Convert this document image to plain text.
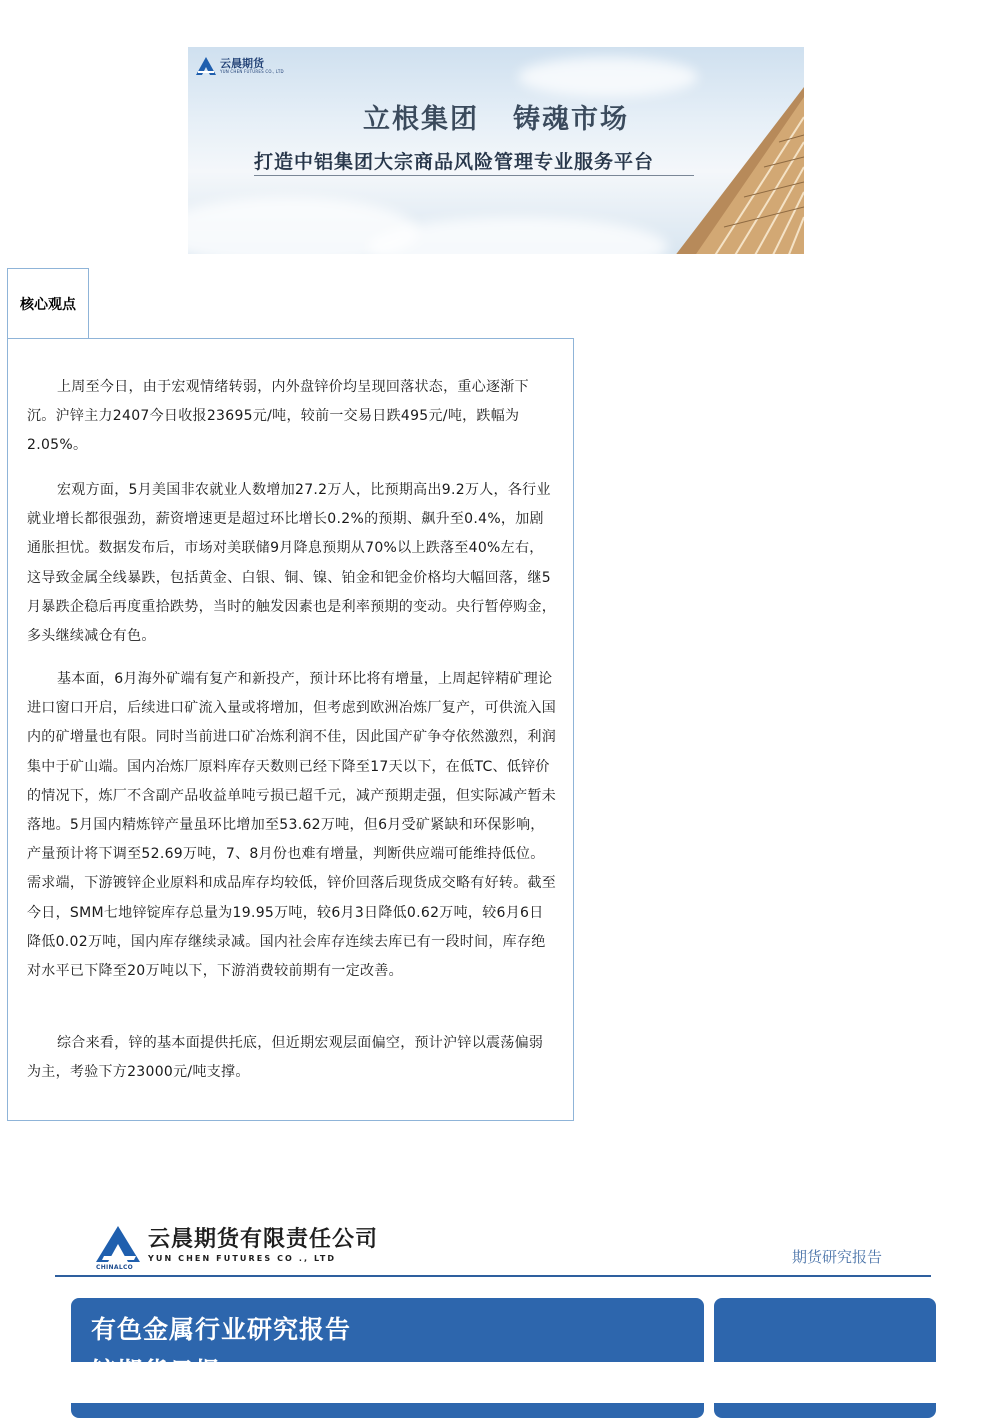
云晨期货
YUN CHEN FUTURES CO., LTD
立根集团 铸魂市场
打造中铝集团大宗商品风险管理专业服务平台
核心观点

上周至今日，由于宏观情绪转弱，内外盘锌价均呈现回落状态，重心逐渐下沉。沪锌主力2407今日收报23695元/吨，较前一交易日跌495元/吨，跌幅为2.05%。

宏观方面，5月美国非农就业人数增加27.2万人，比预期高出9.2万人，各行业就业增长都很强劲，薪资增速更是超过环比增长0.2%的预期、飙升至0.4%，加剧通胀担忧。数据发布后，市场对美联储9月降息预期从70%以上跌落至40%左右，这导致金属全线暴跌，包括黄金、白银、铜、镍、铂金和钯金价格均大幅回落，继5月暴跌企稳后再度重拾跌势，当时的触发因素也是利率预期的变动。央行暂停购金，多头继续减仓有色。

基本面，6月海外矿端有复产和新投产，预计环比将有增量，上周起锌精矿理论进口窗口开启，后续进口矿流入量或将增加，但考虑到欧洲冶炼厂复产，可供流入国内的矿增量也有限。同时当前进口矿冶炼利润不佳，因此国产矿争夺依然激烈，利润集中于矿山端。国内冶炼厂原料库存天数则已经下降至17天以下，在低TC、低锌价的情况下，炼厂不含副产品收益单吨亏损已超千元，减产预期走强，但实际减产暂未落地。5月国内精炼锌产量虽环比增加至53.62万吨，但6月受矿紧缺和环保影响，产量预计将下调至52.69万吨，7、8月份也难有增量，判断供应端可能维持低位。需求端，下游镀锌企业原料和成品库存均较低，锌价回落后现货成交略有好转。截至今日，SMM七地锌锭库存总量为19.95万吨，较6月3日降低0.62万吨，较6月6日降低0.02万吨，国内库存继续录减。国内社会库存连续去库已有一段时间，库存绝对水平已下降至20万吨以下，下游消费较前期有一定改善。

综合来看，锌的基本面提供托底，但近期宏观层面偏空，预计沪锌以震荡偏弱为主，考验下方23000元/吨支撑。

CHINALCO
云晨期货有限责任公司
YUN CHEN FUTURES CO ., LTD	期货研究报告
有色金属行业研究报告
